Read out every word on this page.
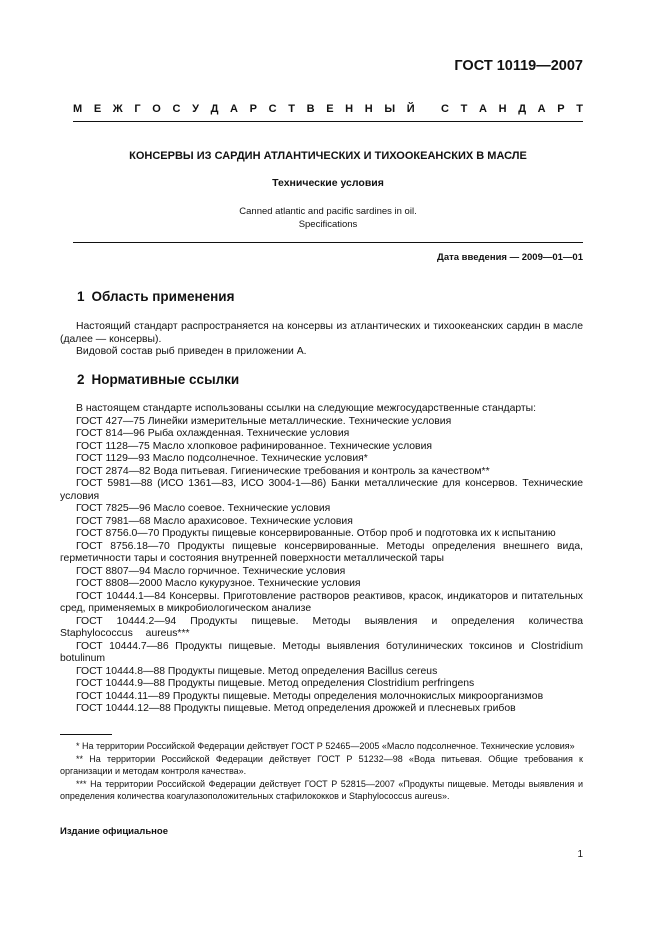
ГОСТ 10119—2007
М Е Ж Г О С У Д А Р С Т В Е Н Н Ы Й
С Т А Н Д А Р Т
КОНСЕРВЫ ИЗ САРДИН АТЛАНТИЧЕСКИХ И ТИХООКЕАНСКИХ В МАСЛЕ
Технические условия
Canned atlantic and pacific sardines in oil.
Specifications
Дата введения — 2009—01—01
1 Область применения
Настоящий стандарт распространяется на консервы из атлантических и тихоокеанских сардин в масле (далее — консервы).
Видовой состав рыб приведен в приложении А.
2 Нормативные ссылки
В настоящем стандарте использованы ссылки на следующие межгосударственные стандарты:
ГОСТ 427—75 Линейки измерительные металлические. Технические условия
ГОСТ 814—96 Рыба охлажденная. Технические условия
ГОСТ 1128—75 Масло хлопковое рафинированное. Технические условия
ГОСТ 1129—93 Масло подсолнечное. Технические условия*
ГОСТ 2874—82 Вода питьевая. Гигиенические требования и контроль за качеством**
ГОСТ 5981—88 (ИСО 1361—83, ИСО 3004-1—86) Банки металлические для консервов. Технические условия
ГОСТ 7825—96 Масло соевое. Технические условия
ГОСТ 7981—68 Масло арахисовое. Технические условия
ГОСТ 8756.0—70 Продукты пищевые консервированные. Отбор проб и подготовка их к испытанию
ГОСТ 8756.18—70 Продукты пищевые консервированные. Методы определения внешнего вида, герметичности тары и состояния внутренней поверхности металлической тары
ГОСТ 8807—94 Масло горчичное. Технические условия
ГОСТ 8808—2000 Масло кукурузное. Технические условия
ГОСТ 10444.1—84 Консервы. Приготовление растворов реактивов, красок, индикаторов и питательных сред, применяемых в микробиологическом анализе
ГОСТ 10444.2—94 Продукты пищевые. Методы выявления и определения количества Staphylococcus aureus***
ГОСТ 10444.7—86 Продукты пищевые. Методы выявления ботулинических токсинов и Clostridium botulinum
ГОСТ 10444.8—88 Продукты пищевые. Метод определения Bacillus cereus
ГОСТ 10444.9—88 Продукты пищевые. Метод определения Clostridium perfringens
ГОСТ 10444.11—89 Продукты пищевые. Методы определения молочнокислых микроорганизмов
ГОСТ 10444.12—88 Продукты пищевые. Метод определения дрожжей и плесневых грибов
* На территории Российской Федерации действует ГОСТ Р 52465—2005 «Масло подсолнечное. Технические условия»
** На территории Российской Федерации действует ГОСТ Р 51232—98 «Вода питьевая. Общие требования к организации и методам контроля качества».
*** На территории Российской Федерации действует ГОСТ Р 52815—2007 «Продукты пищевые. Методы выявления и определения количества коагулазоположительных стафилококков и Staphylococcus aureus».
Издание официальное
1
